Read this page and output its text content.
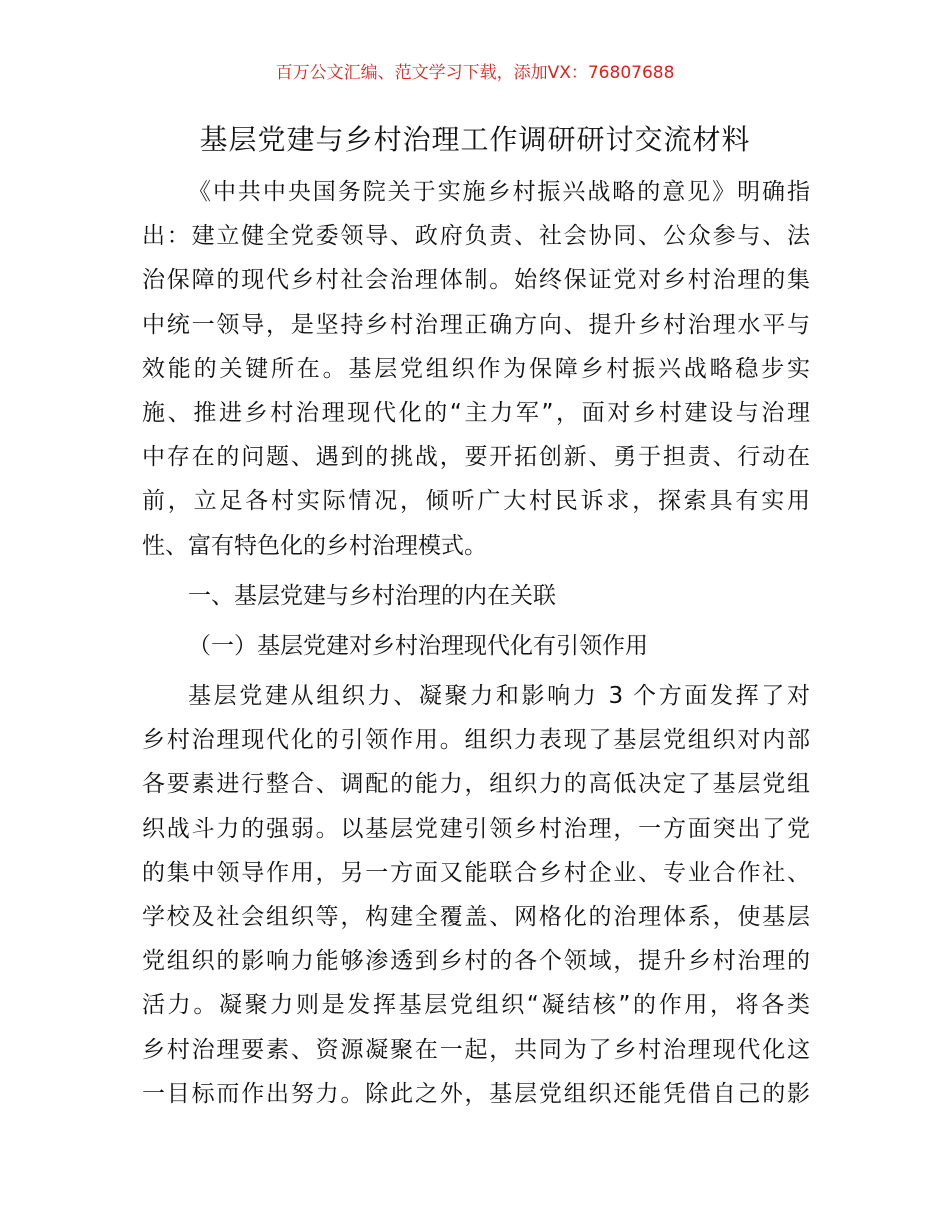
百万公文汇编、范文学习下载，添加VX：76807688
基层党建与乡村治理工作调研研讨交流材料
《中共中央国务院关于实施乡村振兴战略的意见》明确指
出：建立健全党委领导、政府负责、社会协同、公众参与、法
治保障的现代乡村社会治理体制。始终保证党对乡村治理的集
中统一领导，是坚持乡村治理正确方向、提升乡村治理水平与
效能的关键所在。基层党组织作为保障乡村振兴战略稳步实
施、推进乡村治理现代化的“主力军”，面对乡村建设与治理
中存在的问题、遇到的挑战，要开拓创新、勇于担责、行动在
前，立足各村实际情况，倾听广大村民诉求，探索具有实用
性、富有特色化的乡村治理模式。
一、基层党建与乡村治理的内在关联
（一）基层党建对乡村治理现代化有引领作用
基层党建从组织力、凝聚力和影响力 3 个方面发挥了对
乡村治理现代化的引领作用。组织力表现了基层党组织对内部
各要素进行整合、调配的能力，组织力的高低决定了基层党组
织战斗力的强弱。以基层党建引领乡村治理，一方面突出了党
的集中领导作用，另一方面又能联合乡村企业、专业合作社、
学校及社会组织等，构建全覆盖、网格化的治理体系，使基层
党组织的影响力能够渗透到乡村的各个领域，提升乡村治理的
活力。凝聚力则是发挥基层党组织“凝结核”的作用，将各类
乡村治理要素、资源凝聚在一起，共同为了乡村治理现代化这
一目标而作出努力。除此之外，基层党组织还能凭借自己的影
